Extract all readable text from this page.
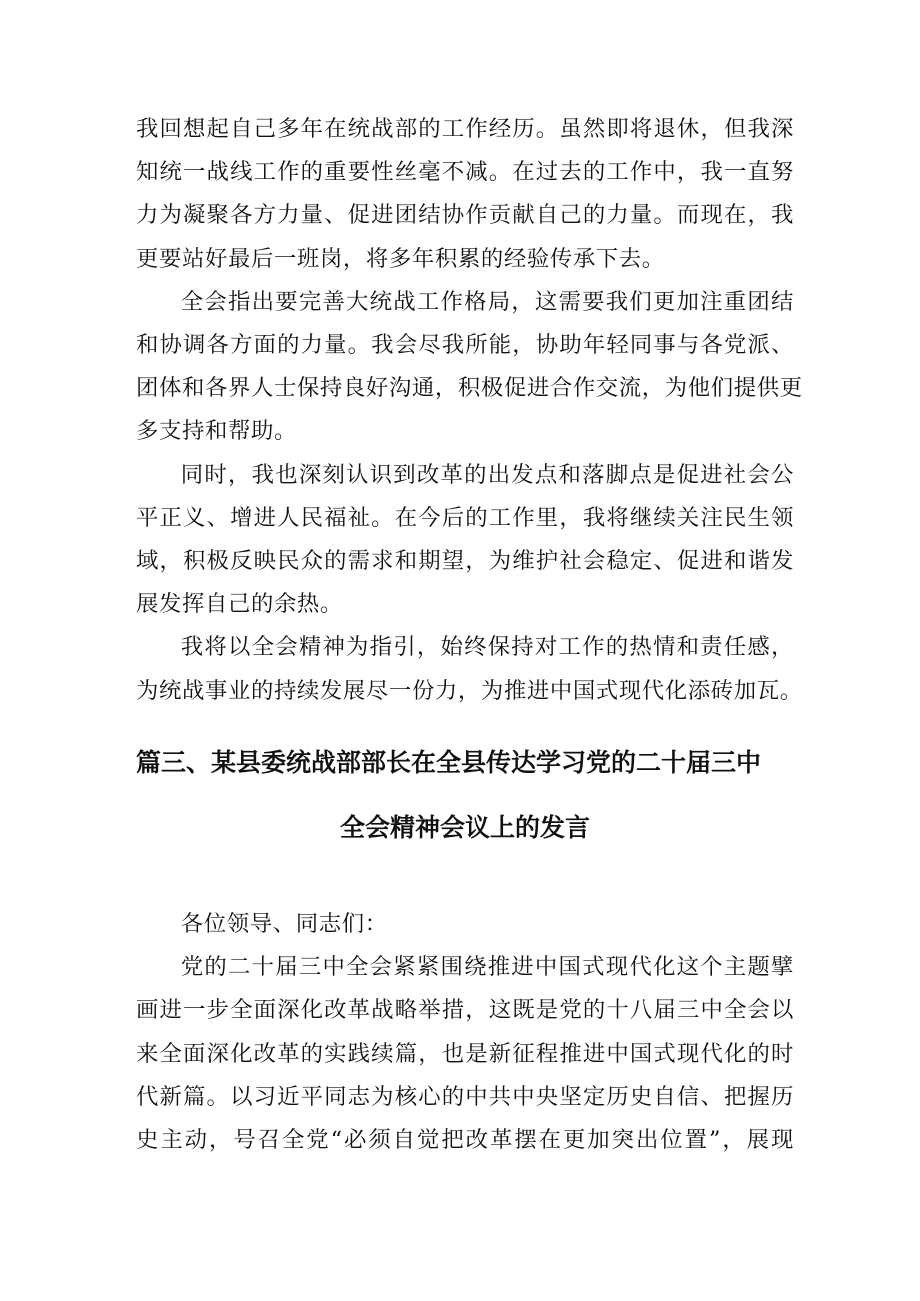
我回想起自己多年在统战部的工作经历。虽然即将退休，但我深
知统一战线工作的重要性丝毫不减。在过去的工作中，我一直努
力为凝聚各方力量、促进团结协作贡献自己的力量。而现在，我
更要站好最后一班岗，将多年积累的经验传承下去。

全会指出要完善大统战工作格局，这需要我们更加注重团结
和协调各方面的力量。我会尽我所能，协助年轻同事与各党派、
团体和各界人士保持良好沟通，积极促进合作交流，为他们提供更
多支持和帮助。

同时，我也深刻认识到改革的出发点和落脚点是促进社会公
平正义、增进人民福祉。在今后的工作里，我将继续关注民生领
域，积极反映民众的需求和期望，为维护社会稳定、促进和谐发
展发挥自己的余热。

我将以全会精神为指引，始终保持对工作的热情和责任感，
为统战事业的持续发展尽一份力，为推进中国式现代化添砖加瓦。

篇三、某县委统战部部长在全县传达学习党的二十届三中
全会精神会议上的发言

各位领导、同志们：

党的二十届三中全会紧紧围绕推进中国式现代化这个主题擘
画进一步全面深化改革战略举措，这既是党的十八届三中全会以
来全面深化改革的实践续篇，也是新征程推进中国式现代化的时
代新篇。以习近平同志为核心的中共中央坚定历史自信、把握历
史主动，号召全党“必须自觉把改革摆在更加突出位置”，展现
